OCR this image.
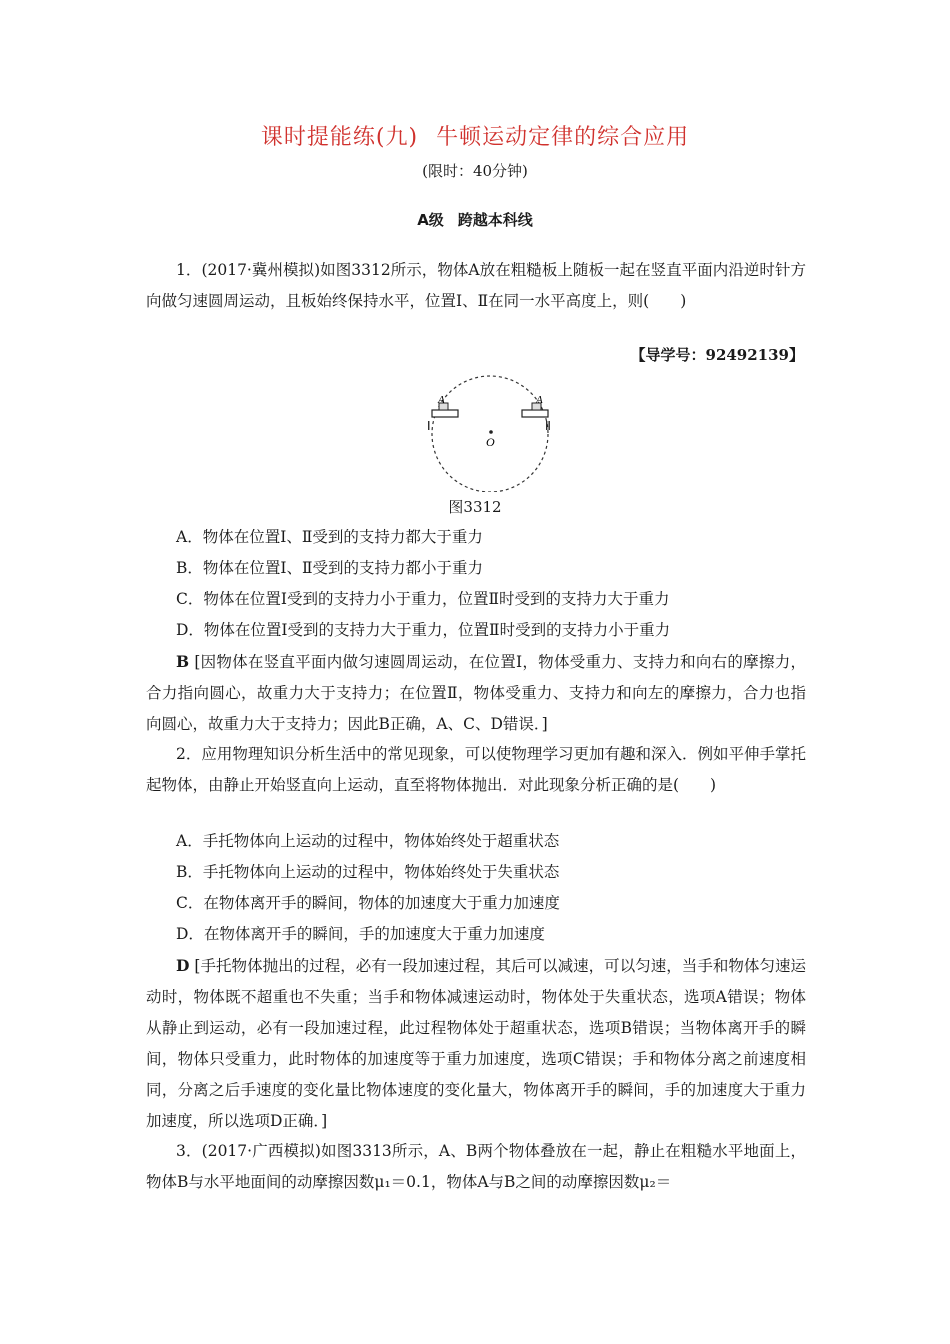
课时提能练(九) 牛顿运动定律的综合应用
(限时：40分钟)
A级 跨越本科线

1．(2017·冀州模拟)如图3312所示，物体A放在粗糙板上随板一起在竖直平面内沿逆时针方向做匀速圆周运动，且板始终保持水平，位置Ⅰ、Ⅱ在同一水平高度上，则(　　)

【导学号：92492139】
A	A
Ⅰ	Ⅱ
O
图3312
A．物体在位置Ⅰ、Ⅱ受到的支持力都大于重力
B．物体在位置Ⅰ、Ⅱ受到的支持力都小于重力
C．物体在位置Ⅰ受到的支持力小于重力，位置Ⅱ时受到的支持力大于重力
D．物体在位置Ⅰ受到的支持力大于重力，位置Ⅱ时受到的支持力小于重力

B [因物体在竖直平面内做匀速圆周运动，在位置Ⅰ，物体受重力、支持力和向右的摩擦力，合力指向圆心，故重力大于支持力；在位置Ⅱ，物体受重力、支持力和向左的摩擦力，合力也指向圆心，故重力大于支持力；因此B正确，A、C、D错误．]

2．应用物理知识分析生活中的常见现象，可以使物理学习更加有趣和深入．例如平伸手掌托起物体，由静止开始竖直向上运动，直至将物体抛出．对此现象分析正确的是(　　)

A．手托物体向上运动的过程中，物体始终处于超重状态
B．手托物体向上运动的过程中，物体始终处于失重状态
C．在物体离开手的瞬间，物体的加速度大于重力加速度
D．在物体离开手的瞬间，手的加速度大于重力加速度

D [手托物体抛出的过程，必有一段加速过程，其后可以减速，可以匀速，当手和物体匀速运动时，物体既不超重也不失重；当手和物体减速运动时，物体处于失重状态，选项A错误；物体从静止到运动，必有一段加速过程，此过程物体处于超重状态，选项B错误；当物体离开手的瞬间，物体只受重力，此时物体的加速度等于重力加速度，选项C错误；手和物体分离之前速度相同，分离之后手速度的变化量比物体速度的变化量大，物体离开手的瞬间，手的加速度大于重力加速度，所以选项D正确．]

3．(2017·广西模拟)如图3313所示，A、B两个物体叠放在一起，静止在粗糙水平地面上，物体B与水平地面间的动摩擦因数μ₁＝0.1，物体A与B之间的动摩擦因数μ₂＝
